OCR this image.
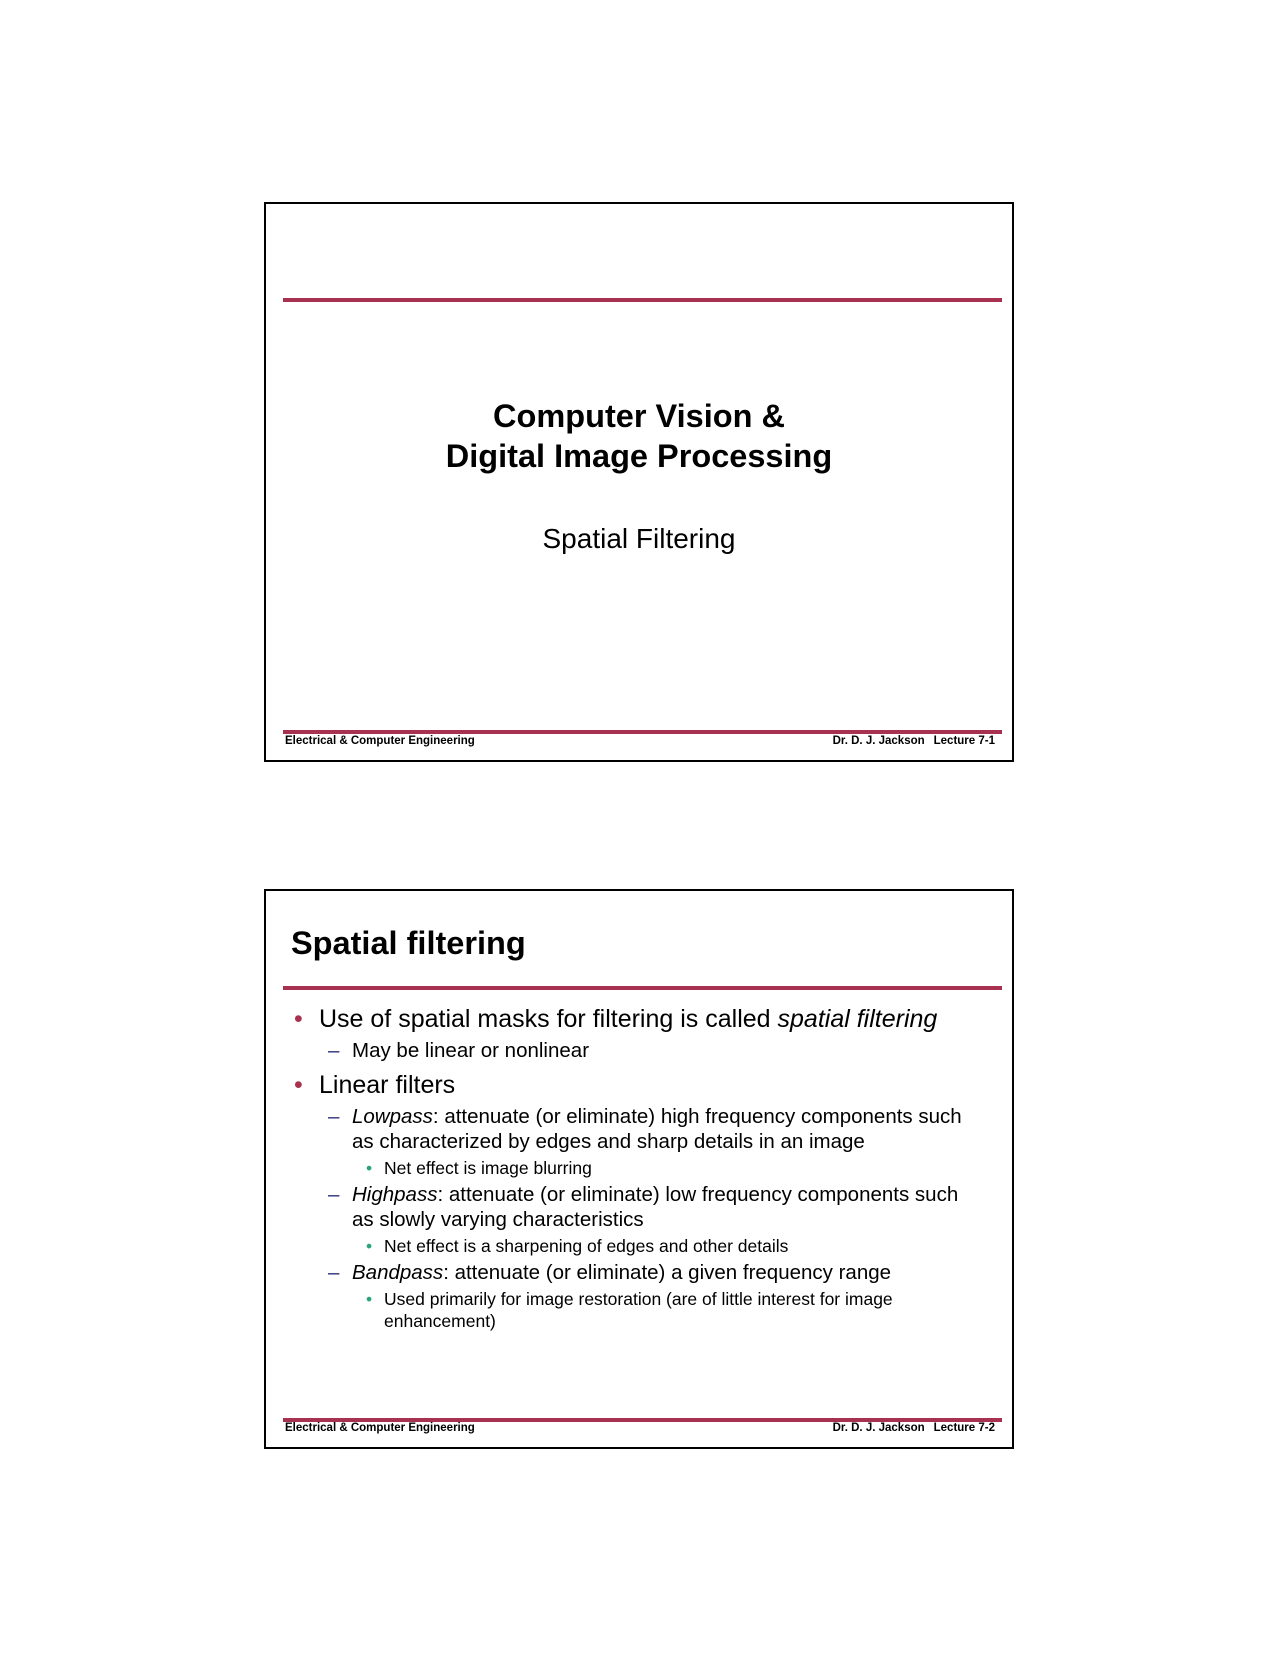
Computer Vision &
Digital Image Processing
Spatial Filtering
Electrical & Computer Engineering	Dr. D. J. Jackson Lecture 7-1
Spatial filtering
• Use of spatial masks for filtering is called spatial filtering
– May be linear or nonlinear
• Linear filters
– Lowpass: attenuate (or eliminate) high frequency components such
as characterized by edges and sharp details in an image
• Net effect is image blurring
– Highpass: attenuate (or eliminate) low frequency components such
as slowly varying characteristics
• Net effect is a sharpening of edges and other details
– Bandpass: attenuate (or eliminate) a given frequency range
• Used primarily for image restoration (are of little interest for image
enhancement)
Electrical & Computer Engineering	Dr. D. J. Jackson Lecture 7-2
